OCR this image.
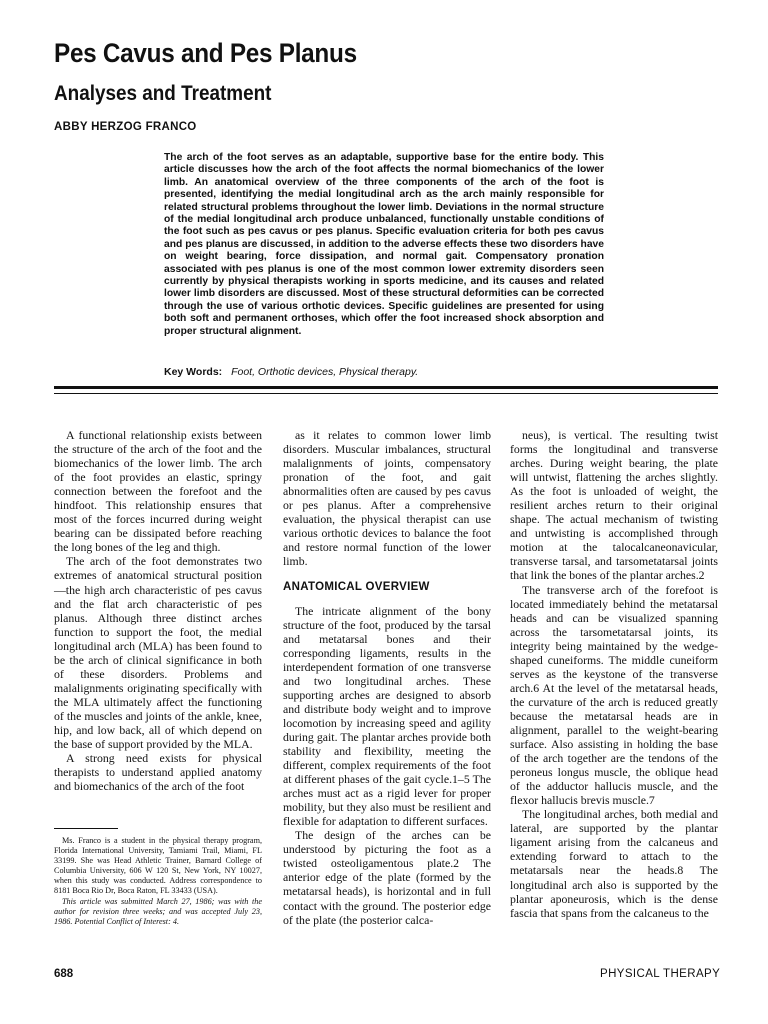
Pes Cavus and Pes Planus
Analyses and Treatment
ABBY HERZOG FRANCO

The arch of the foot serves as an adaptable, supportive base for the entire body. This article discusses how the arch of the foot affects the normal biomechanics of the lower limb. An anatomical overview of the three components of the arch of the foot is presented, identifying the medial longitudinal arch as the arch mainly responsible for related structural problems throughout the lower limb. Deviations in the normal structure of the medial longitudinal arch produce unbalanced, functionally unstable conditions of the foot such as pes cavus or pes planus. Specific evaluation criteria for both pes cavus and pes planus are discussed, in addition to the adverse effects these two disorders have on weight bearing, force dissipation, and normal gait. Compensatory pronation associated with pes planus is one of the most common lower extremity disorders seen currently by physical therapists working in sports medicine, and its causes and related lower limb disorders are discussed. Most of these structural deformities can be corrected through the use of various orthotic devices. Specific guidelines are presented for using both soft and permanent orthoses, which offer the foot increased shock absorption and proper structural alignment.

Key Words: Foot, Orthotic devices, Physical therapy.

A functional relationship exists between the structure of the arch of the foot and the biomechanics of the lower limb. The arch of the foot provides an elastic, springy connection between the forefoot and the hindfoot. This relationship ensures that most of the forces incurred during weight bearing can be dissipated before reaching the long bones of the leg and thigh.

The arch of the foot demonstrates two extremes of anatomical structural position—the high arch characteristic of pes cavus and the flat arch characteristic of pes planus. Although three distinct arches function to support the foot, the medial longitudinal arch (MLA) has been found to be the arch of clinical significance in both of these disorders. Problems and malalignments originating specifically with the MLA ultimately affect the functioning of the muscles and joints of the ankle, knee, hip, and low back, all of which depend on the base of support provided by the MLA.

A strong need exists for physical therapists to understand applied anatomy and biomechanics of the arch of the foot

as it relates to common lower limb disorders. Muscular imbalances, structural malalignments of joints, compensatory pronation of the foot, and gait abnormalities often are caused by pes cavus or pes planus. After a comprehensive evaluation, the physical therapist can use various orthotic devices to balance the foot and restore normal function of the lower limb.

ANATOMICAL OVERVIEW

The intricate alignment of the bony structure of the foot, produced by the tarsal and metatarsal bones and their corresponding ligaments, results in the interdependent formation of one transverse and two longitudinal arches. These supporting arches are designed to absorb and distribute body weight and to improve locomotion by increasing speed and agility during gait. The plantar arches provide both stability and flexibility, meeting the different, complex requirements of the foot at different phases of the gait cycle.1–5 The arches must act as a rigid lever for proper mobility, but they also must be resilient and flexible for adaptation to different surfaces.

The design of the arches can be understood by picturing the foot as a twisted osteoligamentous plate.2 The anterior edge of the plate (formed by the metatarsal heads), is horizontal and in full contact with the ground. The posterior edge of the plate (the posterior calca-

neus), is vertical. The resulting twist forms the longitudinal and transverse arches. During weight bearing, the plate will untwist, flattening the arches slightly. As the foot is unloaded of weight, the resilient arches return to their original shape. The actual mechanism of twisting and untwisting is accomplished through motion at the talocalcaneonavicular, transverse tarsal, and tarsometatarsal joints that link the bones of the plantar arches.2

The transverse arch of the forefoot is located immediately behind the metatarsal heads and can be visualized spanning across the tarsometatarsal joints, its integrity being maintained by the wedge-shaped cuneiforms. The middle cuneiform serves as the keystone of the transverse arch.6 At the level of the metatarsal heads, the curvature of the arch is reduced greatly because the metatarsal heads are in alignment, parallel to the weight-bearing surface. Also assisting in holding the base of the arch together are the tendons of the peroneus longus muscle, the oblique head of the adductor hallucis muscle, and the flexor hallucis brevis muscle.7

The longitudinal arches, both medial and lateral, are supported by the plantar ligament arising from the calcaneus and extending forward to attach to the metatarsals near the heads.8 The longitudinal arch also is supported by the plantar aponeurosis, which is the dense fascia that spans from the calcaneus to the

Ms. Franco is a student in the physical therapy program, Florida International University, Tamiami Trail, Miami, FL 33199. She was Head Athletic Trainer, Barnard College of Columbia University, 606 W 120 St, New York, NY 10027, when this study was conducted. Address correspondence to 8181 Boca Rio Dr, Boca Raton, FL 33433 (USA).

This article was submitted March 27, 1986; was with the author for revision three weeks; and was accepted July 23, 1986. Potential Conflict of Interest: 4.

688	PHYSICAL THERAPY
